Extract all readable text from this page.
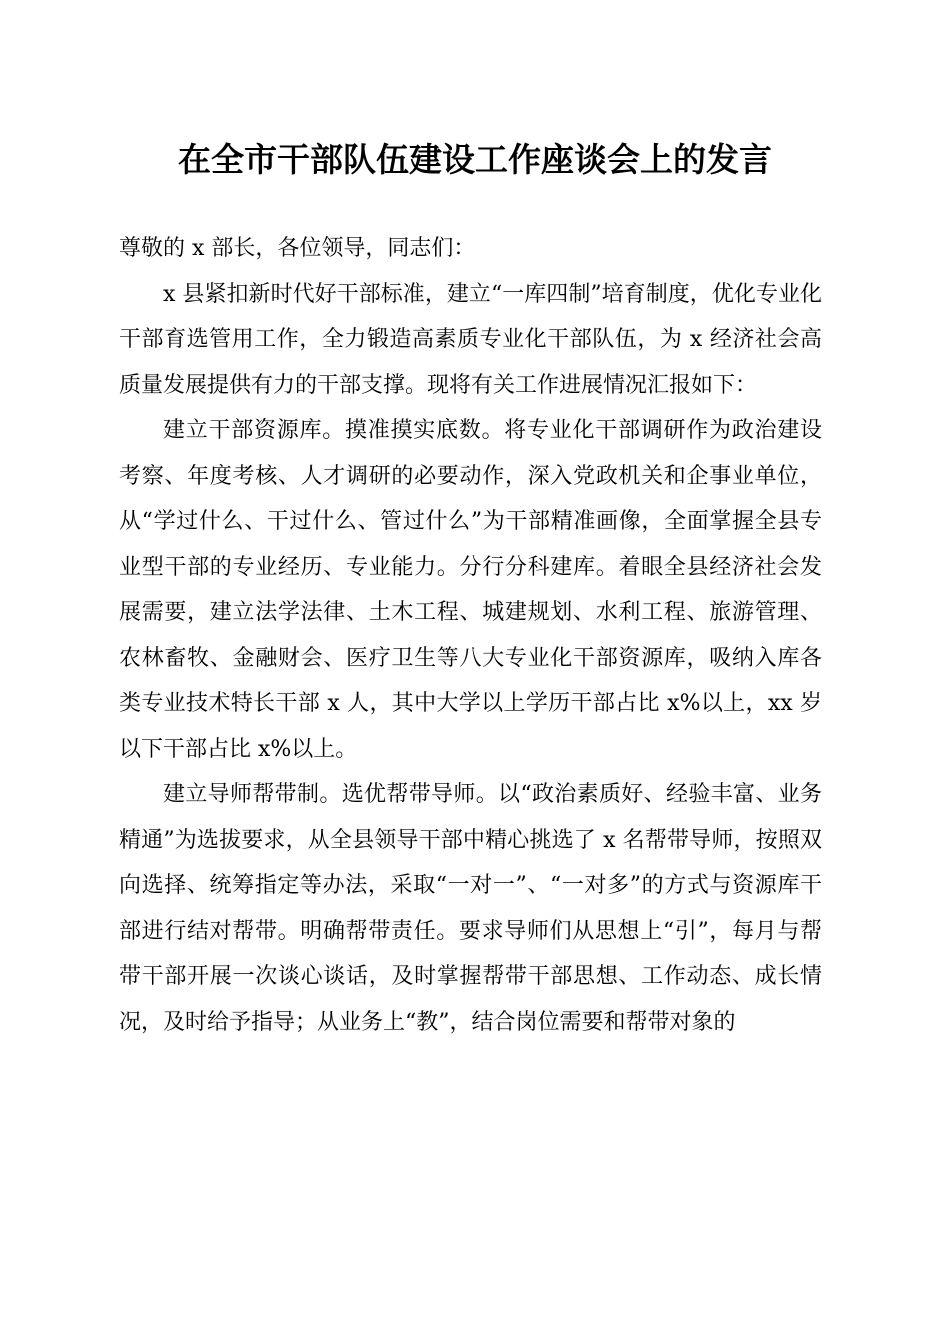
在全市干部队伍建设工作座谈会上的发言

尊敬的 x 部长，各位领导，同志们：

x 县紧扣新时代好干部标准，建立“一库四制”培育制度，优化专业化干部育选管用工作，全力锻造高素质专业化干部队伍，为 x 经济社会高质量发展提供有力的干部支撑。现将有关工作进展情况汇报如下：

建立干部资源库。摸准摸实底数。将专业化干部调研作为政治建设考察、年度考核、人才调研的必要动作，深入党政机关和企事业单位，从“学过什么、干过什么、管过什么”为干部精准画像，全面掌握全县专业型干部的专业经历、专业能力。分行分科建库。着眼全县经济社会发展需要，建立法学法律、土木工程、城建规划、水利工程、旅游管理、农林畜牧、金融财会、医疗卫生等八大专业化干部资源库，吸纳入库各类专业技术特长干部 x 人，其中大学以上学历干部占比 x%以上，xx 岁以下干部占比 x%以上。

建立导师帮带制。选优帮带导师。以“政治素质好、经验丰富、业务精通”为选拔要求，从全县领导干部中精心挑选了 x 名帮带导师，按照双向选择、统筹指定等办法，采取“一对一”、“一对多”的方式与资源库干部进行结对帮带。明确帮带责任。要求导师们从思想上“引”，每月与帮带干部开展一次谈心谈话，及时掌握帮带干部思想、工作动态、成长情况，及时给予指导；从业务上“教”，结合岗位需要和帮带对象的
